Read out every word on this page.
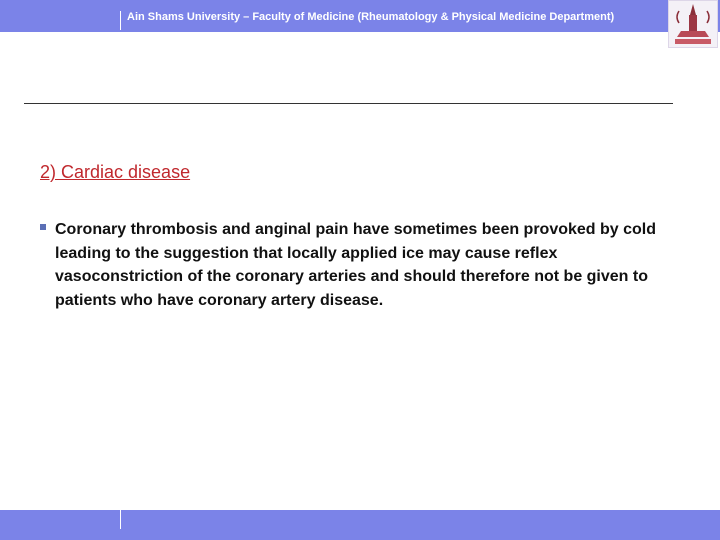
Ain Shams University – Faculty of Medicine (Rheumatology & Physical Medicine Department)
2) Cardiac disease
Coronary thrombosis and anginal pain have sometimes been provoked by cold leading to the suggestion that locally applied ice may cause reflex vasoconstriction of the coronary arteries and should therefore not be given to patients who have coronary artery disease.
